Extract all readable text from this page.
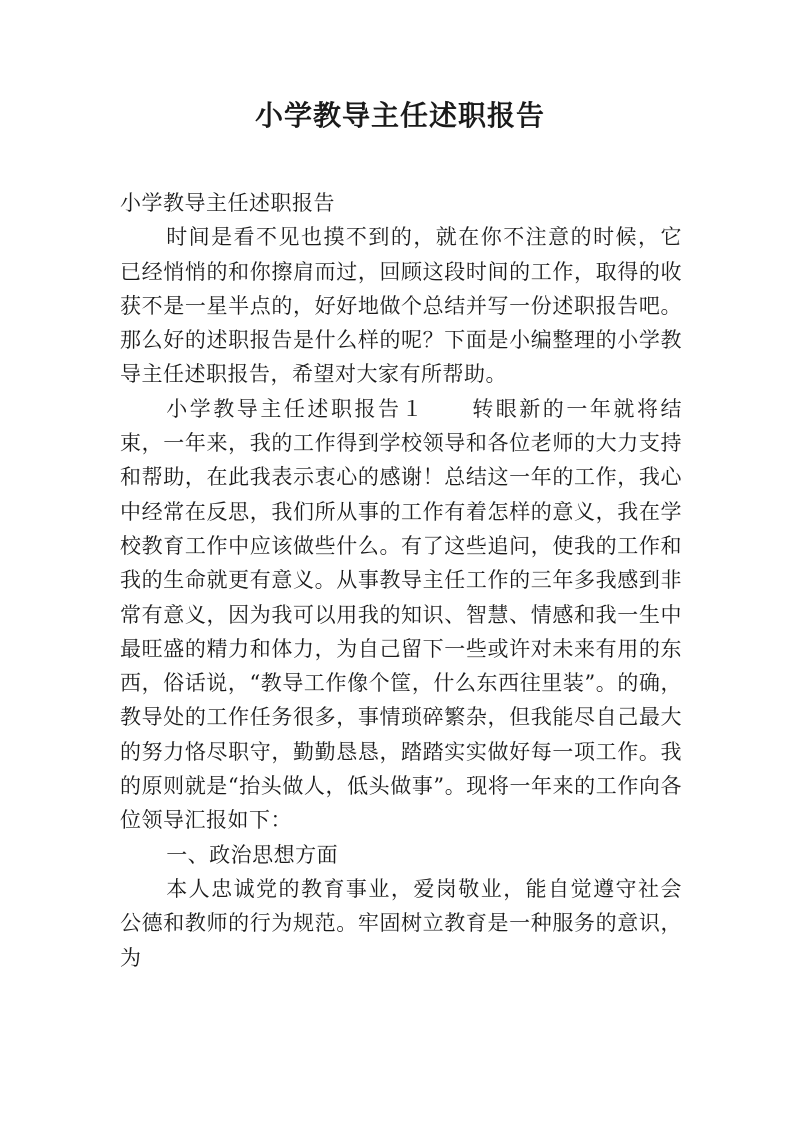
小学教导主任述职报告

小学教导主任述职报告

时间是看不见也摸不到的，就在你不注意的时候，它已经悄悄的和你擦肩而过，回顾这段时间的工作，取得的收获不是一星半点的，好好地做个总结并写一份述职报告吧。那么好的述职报告是什么样的呢？下面是小编整理的小学教导主任述职报告，希望对大家有所帮助。

小学教导主任述职报告１　　转眼新的一年就将结束，一年来，我的工作得到学校领导和各位老师的大力支持和帮助，在此我表示衷心的感谢！总结这一年的工作，我心中经常在反思，我们所从事的工作有着怎样的意义，我在学校教育工作中应该做些什么。有了这些追问，使我的工作和我的生命就更有意义。从事教导主任工作的三年多我感到非常有意义，因为我可以用我的知识、智慧、情感和我一生中最旺盛的精力和体力，为自己留下一些或许对未来有用的东西，俗话说，“教导工作像个筐，什么东西往里装”。的确，教导处的工作任务很多，事情琐碎繁杂，但我能尽自己最大的努力恪尽职守，勤勤恳恳，踏踏实实做好每一项工作。我的原则就是“抬头做人，低头做事”。现将一年来的工作向各位领导汇报如下：

一、政治思想方面

本人忠诚党的教育事业，爱岗敬业，能自觉遵守社会公德和教师的行为规范。牢固树立教育是一种服务的意识，为
